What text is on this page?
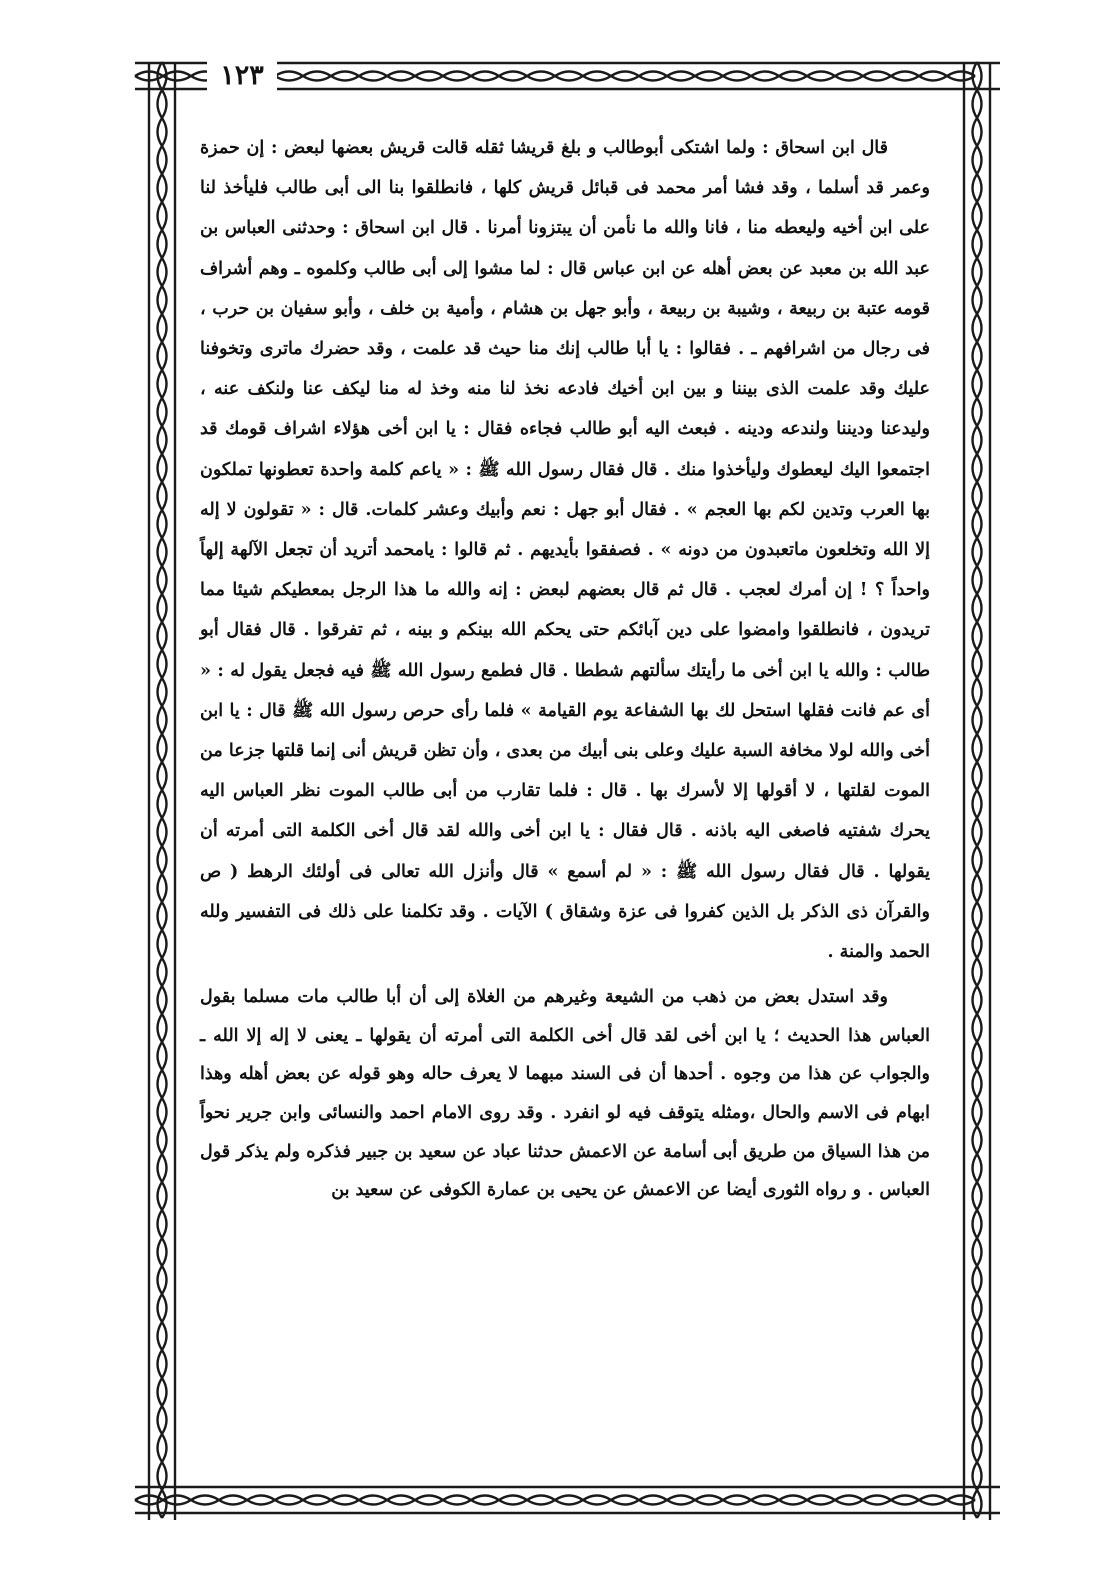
١٢٣

قال ابن اسحاق : ولما اشتكى أبوطالب و بلغ قريشا ثقله قالت قريش بعضها لبعض : إن حمزة وعمر قد أسلما ، وقد فشا أمر محمد فى قبائل قريش كلها ، فانطلقوا بنا الى أبى طالب فليأخذ لنا على ابن أخيه وليعطه منا ، فانا والله ما نأمن أن يبتزونا أمرنا . قال ابن اسحاق : وحدثنى العباس بن عبد الله بن معبد عن بعض أهله عن ابن عباس قال : لما مشوا إلى أبى طالب وكلموه ـ وهم أشراف قومه عتبة بن ربيعة ، وشيبة بن ربيعة ، وأبو جهل بن هشام ، وأمية بن خلف ، وأبو سفيان بن حرب ، فى رجال من اشرافهم ـ . فقالوا : يا أبا طالب إنك منا حيث قد علمت ، وقد حضرك ماترى وتخوفنا عليك وقد علمت الذى بيننا و بين ابن أخيك فادعه نخذ لنا منه وخذ له منا ليكف عنا ولنكف عنه ، وليدعنا وديننا ولندعه ودينه . فبعث اليه أبو طالب فجاءه فقال : يا ابن أخى هؤلاء اشراف قومك قد اجتمعوا اليك ليعطوك وليأخذوا منك . قال فقال رسول الله ﷺ : « ياعم كلمة واحدة تعطونها تملكون بها العرب وتدين لكم بها العجم » . فقال أبو جهل : نعم وأبيك وعشر كلمات. قال : « تقولون لا إله إلا الله وتخلعون ماتعبدون من دونه » . فصفقوا بأيديهم . ثم قالوا : يامحمد أتريد أن تجعل الآلهة إلهاً واحداً ؟ ! إن أمرك لعجب . قال ثم قال بعضهم لبعض : إنه والله ما هذا الرجل بمعطيكم شيئا مما تريدون ، فانطلقوا وامضوا على دين آبائكم حتى يحكم الله بينكم و بينه ، ثم تفرقوا . قال فقال أبو طالب : والله يا ابن أخى ما رأيتك سألتهم شططا . قال فطمع رسول الله ﷺ فيه فجعل يقول له : « أى عم فانت فقلها استحل لك بها الشفاعة يوم القيامة » فلما رأى حرص رسول الله ﷺ قال : يا ابن أخى والله لولا مخافة السبة عليك وعلى بنى أبيك من بعدى ، وأن تظن قريش أنى إنما قلتها جزعا من الموت لقلتها ، لا أقولها إلا لأسرك بها . قال : فلما تقارب من أبى طالب الموت نظر العباس اليه يحرك شفتيه فاصغى اليه باذنه . قال فقال : يا ابن أخى والله لقد قال أخى الكلمة التى أمرته أن يقولها . قال فقال رسول الله ﷺ : « لم أسمع » قال وأنزل الله تعالى فى أولئك الرهط ( ص والقرآن ذى الذكر بل الذين كفروا فى عزة وشقاق ) الآيات . وقد تكلمنا على ذلك فى التفسير ولله الحمد والمنة .

وقد استدل بعض من ذهب من الشيعة وغيرهم من الغلاة إلى أن أبا طالب مات مسلما بقول العباس هذا الحديث ؛ يا ابن أخى لقد قال أخى الكلمة التى أمرته أن يقولها ـ يعنى لا إله إلا الله ـ والجواب عن هذا من وجوه . أحدها أن فى السند مبهما لا يعرف حاله وهو قوله عن بعض أهله وهذا ابهام فى الاسم والحال ،ومثله يتوقف فيه لو انفرد . وقد روى الامام احمد والنسائى وابن جرير نحواً من هذا السياق من طريق أبى أسامة عن الاعمش حدثنا عباد عن سعيد بن جبير فذكره ولم يذكر قول العباس . و رواه الثورى أيضا عن الاعمش عن يحيى بن عمارة الكوفى عن سعيد بن
